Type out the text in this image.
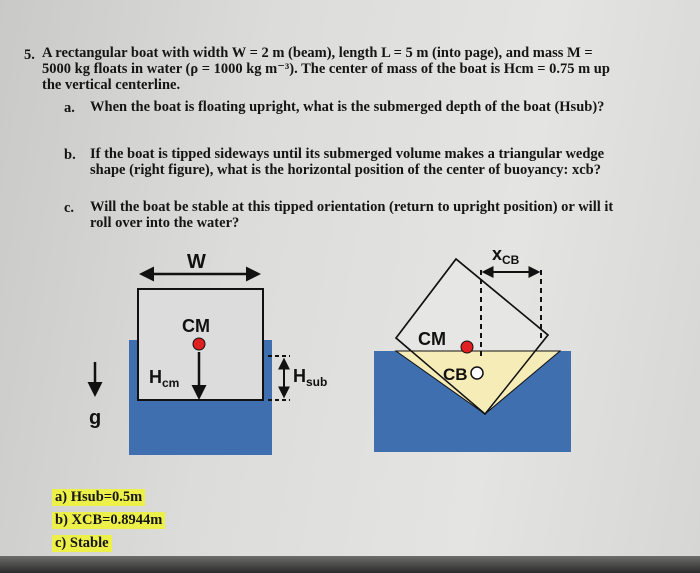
5. A rectangular boat with width W = 2 m (beam), length L = 5 m (into page), and mass M =
5000 kg floats in water (ρ = 1000 kg m⁻³). The center of mass of the boat is Hcm = 0.75 m up
the vertical centerline.
a. When the boat is floating upright, what is the submerged depth of the boat (Hsub)?
b. If the boat is tipped sideways until its submerged volume makes a triangular wedge
shape (right figure), what is the horizontal position of the center of buoyancy: xcb?
c. Will the boat be stable at this tipped orientation (return to upright position) or will it
roll over into the water?
W
CM
$H_{cm}$	$H_{sub}$
g
$x_{CB}$
CM
CB
a) Hsub=0.5m
b) XCB=0.8944m
c) Stable
